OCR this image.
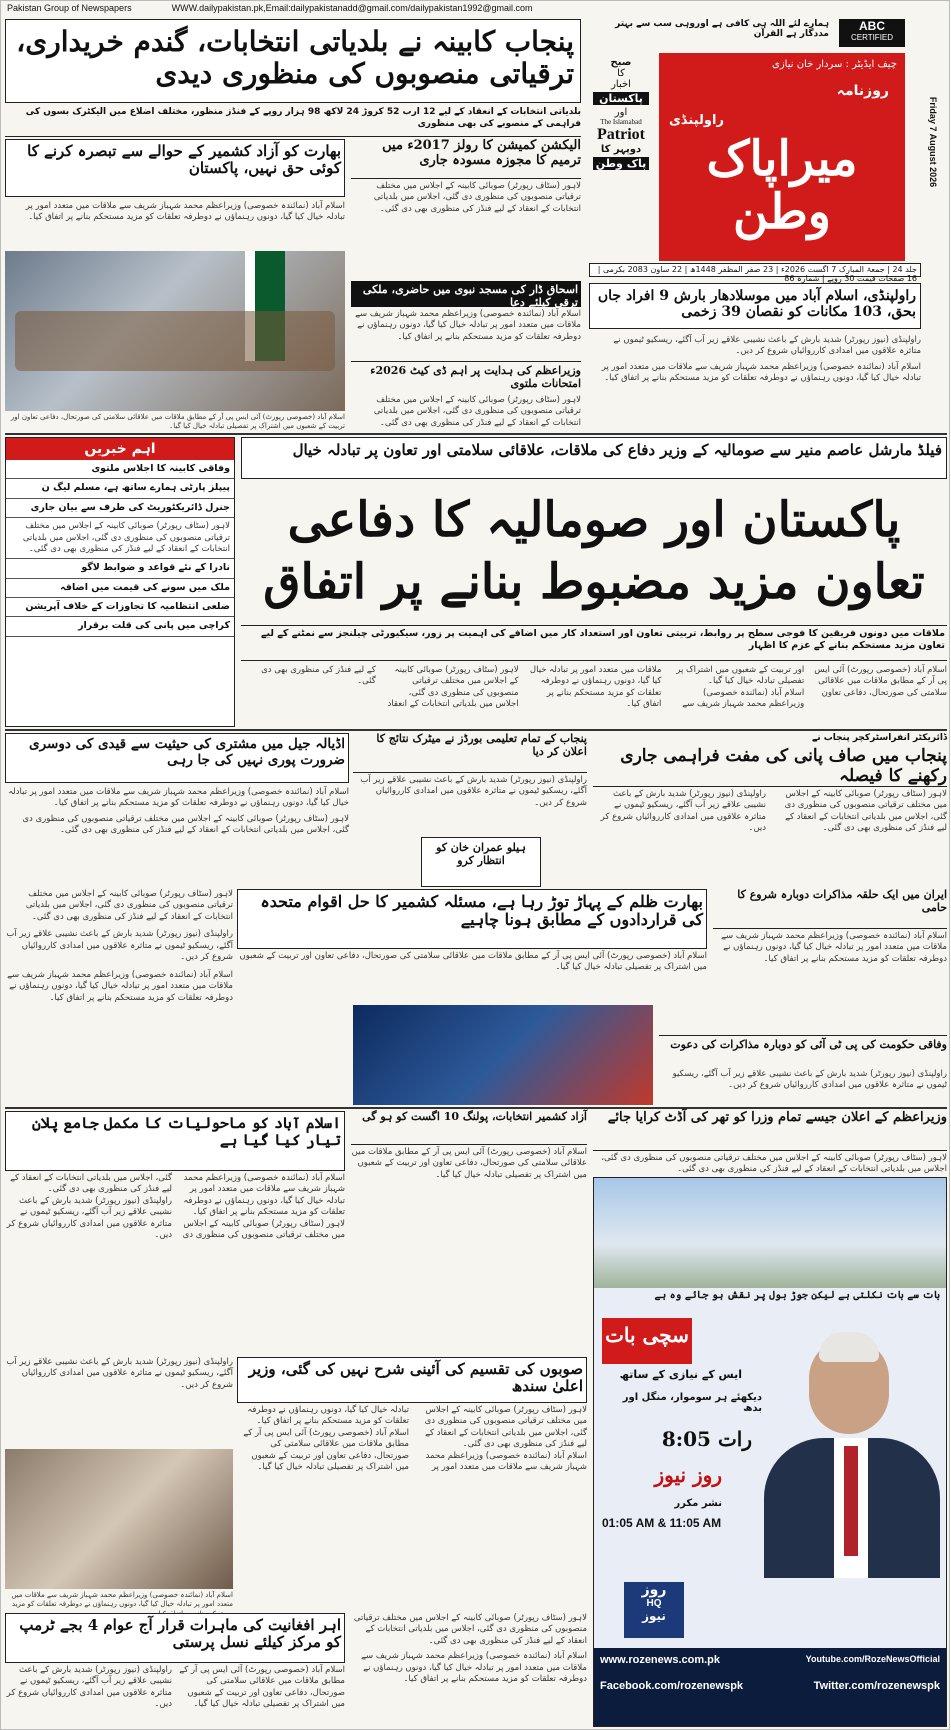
Pakistan Group of Newspapers	WWW.dailypakistan.pk,Email:dailypakistanadd@gmail.com/dailypakistan1992@gmail.com
ہمارے لئے اللہ ہی کافی ہے اوروہی سب سے بہتر مددگار ہے القرآن
ABC
CERTIFIED
چیف ایڈیٹر : سردار خان نیازی
راولپنڈی
روزنامہ
میراپاک وطن
صبح
کا
اخبار
پاکستان
اور
The Islamabad
Patriot
دوپہر کا
پاک وطن	Friday 7 August 2026
جلد 24 | جمعۃ المبارک 7 اگست 2026ء | 23 صفر المظفر 1448ھ | 22 ساون 2083 بکرمی | 16 صفحات قیمت 30 روپے | شمارہ 86
راولپنڈی، اسلام آباد میں موسلادھار بارش 9 افراد جاں بحق، 103 مکانات کو نقصان 39 زخمی
راولپنڈی (نیوز رپورٹر) شدید بارش کے باعث نشیبی علاقے زیر آب آگئے، ریسکیو ٹیموں نے متاثرہ علاقوں میں امدادی کارروائیاں شروع کر دیں۔
اسلام آباد (نمائندہ خصوصی) وزیراعظم محمد شہباز شریف سے ملاقات میں متعدد امور پر تبادلہ خیال کیا گیا، دونوں رہنماؤں نے دوطرفہ تعلقات کو مزید مستحکم بنانے پر اتفاق کیا۔
پنجاب کابینہ نے بلدیاتی انتخابات، گندم خریداری، ترقیاتی منصوبوں کی منظوری دیدی
بلدیاتی انتخابات کے انعقاد کے لیے 12 ارب 52 کروڑ 24 لاکھ 98 ہزار روپے کے فنڈز منظور، مختلف اضلاع میں الیکٹرک بسوں کی فراہمی کے منصوبے کی بھی منظوری
بھارت کو آزاد کشمیر کے حوالے سے تبصرہ کرنے کا کوئی حق نہیں، پاکستان
اسلام آباد (نمائندہ خصوصی) وزیراعظم محمد شہباز شریف سے ملاقات میں متعدد امور پر تبادلہ خیال کیا گیا، دونوں رہنماؤں نے دوطرفہ تعلقات کو مزید مستحکم بنانے پر اتفاق کیا۔
اسلام آباد (خصوصی رپورٹ) آئی ایس پی آر کے مطابق ملاقات میں علاقائی سلامتی کی صورتحال، دفاعی تعاون اور تربیت کے شعبوں میں اشتراک پر تفصیلی تبادلہ خیال کیا گیا۔
الیکشن کمیشن کا رولز 2017ء میں ترمیم کا مجوزہ مسودہ جاری
لاہور (سٹاف رپورٹر) صوبائی کابینہ کے اجلاس میں مختلف ترقیاتی منصوبوں کی منظوری دی گئی، اجلاس میں بلدیاتی انتخابات کے انعقاد کے لیے فنڈز کی منظوری بھی دی گئی۔
اسحاق ڈار کی مسجد نبوی میں حاضری، ملکی ترقی کیلئے دعا
اسلام آباد (نمائندہ خصوصی) وزیراعظم محمد شہباز شریف سے ملاقات میں متعدد امور پر تبادلہ خیال کیا گیا، دونوں رہنماؤں نے دوطرفہ تعلقات کو مزید مستحکم بنانے پر اتفاق کیا۔
وزیراعظم کی ہدایت پر اہم ڈی کیٹ 2026ء امتحانات ملتوی
لاہور (سٹاف رپورٹر) صوبائی کابینہ کے اجلاس میں مختلف ترقیاتی منصوبوں کی منظوری دی گئی، اجلاس میں بلدیاتی انتخابات کے انعقاد کے لیے فنڈز کی منظوری بھی دی گئی۔
اہم خبریں
وفاقی کابینہ کا اجلاس ملتوی
پیپلز پارٹی ہمارے ساتھ ہے، مسلم لیگ ن
جنرل ڈائریکٹوریٹ کی طرف سے بیان جاری
لاہور (سٹاف رپورٹر) صوبائی کابینہ کے اجلاس میں مختلف ترقیاتی منصوبوں کی منظوری دی گئی، اجلاس میں بلدیاتی انتخابات کے انعقاد کے لیے فنڈز کی منظوری بھی دی گئی۔
نادرا کے نئے قواعد و ضوابط لاگو
ملک میں سونے کی قیمت میں اضافہ
ضلعی انتظامیہ کا تجاوزات کے خلاف آپریشن
کراچی میں پانی کی قلت برقرار
فیلڈ مارشل عاصم منیر سے صومالیہ کے وزیر دفاع کی ملاقات، علاقائی سلامتی اور تعاون پر تبادلہ خیال
پاکستان اور صومالیہ کا دفاعی تعاون مزید مضبوط بنانے پر اتفاق
ملاقات میں دونوں فریقین کا فوجی سطح پر روابط، تربیتی تعاون اور استعداد کار میں اضافے کی اہمیت پر زور، سیکیورٹی چیلنجز سے نمٹنے کے لیے تعاون مزید مستحکم بنانے کے عزم کا اظہار
اسلام آباد (خصوصی رپورٹ) آئی ایس پی آر کے مطابق ملاقات میں علاقائی سلامتی کی صورتحال، دفاعی تعاون اور تربیت کے شعبوں میں اشتراک پر تفصیلی تبادلہ خیال کیا گیا۔
اسلام آباد (نمائندہ خصوصی) وزیراعظم محمد شہباز شریف سے ملاقات میں متعدد امور پر تبادلہ خیال کیا گیا، دونوں رہنماؤں نے دوطرفہ تعلقات کو مزید مستحکم بنانے پر اتفاق کیا۔
لاہور (سٹاف رپورٹر) صوبائی کابینہ کے اجلاس میں مختلف ترقیاتی منصوبوں کی منظوری دی گئی، اجلاس میں بلدیاتی انتخابات کے انعقاد کے لیے فنڈز کی منظوری بھی دی گئی۔
اڈیالہ جیل میں مشتری کی حیثیت سے قیدی کی دوسری ضرورت پوری نہیں کی جا رہی
اسلام آباد (نمائندہ خصوصی) وزیراعظم محمد شہباز شریف سے ملاقات میں متعدد امور پر تبادلہ خیال کیا گیا، دونوں رہنماؤں نے دوطرفہ تعلقات کو مزید مستحکم بنانے پر اتفاق کیا۔
لاہور (سٹاف رپورٹر) صوبائی کابینہ کے اجلاس میں مختلف ترقیاتی منصوبوں کی منظوری دی گئی، اجلاس میں بلدیاتی انتخابات کے انعقاد کے لیے فنڈز کی منظوری بھی دی گئی۔
پنجاب کے تمام تعلیمی بورڈز نے میٹرک نتائج کا اعلان کر دیا
راولپنڈی (نیوز رپورٹر) شدید بارش کے باعث نشیبی علاقے زیر آب آگئے، ریسکیو ٹیموں نے متاثرہ علاقوں میں امدادی کارروائیاں شروع کر دیں۔
ہیلو عمران خان کو انتظار کرو
ڈائریکٹر انفراسٹرکچر پنجاب نے
پنجاب میں صاف پانی کی مفت فراہمی جاری رکھنے کا فیصلہ
لاہور (سٹاف رپورٹر) صوبائی کابینہ کے اجلاس میں مختلف ترقیاتی منصوبوں کی منظوری دی گئی، اجلاس میں بلدیاتی انتخابات کے انعقاد کے لیے فنڈز کی منظوری بھی دی گئی۔
راولپنڈی (نیوز رپورٹر) شدید بارش کے باعث نشیبی علاقے زیر آب آگئے، ریسکیو ٹیموں نے متاثرہ علاقوں میں امدادی کارروائیاں شروع کر دیں۔
بھارت ظلم کے پہاڑ توڑ رہا ہے، مسئلہ کشمیر کا حل اقوام متحدہ کی قراردادوں کے مطابق ہونا چاہیے
اسلام آباد (خصوصی رپورٹ) آئی ایس پی آر کے مطابق ملاقات میں علاقائی سلامتی کی صورتحال، دفاعی تعاون اور تربیت کے شعبوں میں اشتراک پر تفصیلی تبادلہ خیال کیا گیا۔
ایران میں ایک حلقہ مذاکرات دوبارہ شروع کا حامی
اسلام آباد (نمائندہ خصوصی) وزیراعظم محمد شہباز شریف سے ملاقات میں متعدد امور پر تبادلہ خیال کیا گیا، دونوں رہنماؤں نے دوطرفہ تعلقات کو مزید مستحکم بنانے پر اتفاق کیا۔
وفاقی حکومت کی پی ٹی آئی کو دوبارہ مذاکرات کی دعوت
راولپنڈی (نیوز رپورٹر) شدید بارش کے باعث نشیبی علاقے زیر آب آگئے، ریسکیو ٹیموں نے متاثرہ علاقوں میں امدادی کارروائیاں شروع کر دیں۔
لاہور (سٹاف رپورٹر) صوبائی کابینہ کے اجلاس میں مختلف ترقیاتی منصوبوں کی منظوری دی گئی، اجلاس میں بلدیاتی انتخابات کے انعقاد کے لیے فنڈز کی منظوری بھی دی گئی۔
راولپنڈی (نیوز رپورٹر) شدید بارش کے باعث نشیبی علاقے زیر آب آگئے، ریسکیو ٹیموں نے متاثرہ علاقوں میں امدادی کارروائیاں شروع کر دیں۔
اسلام آباد (نمائندہ خصوصی) وزیراعظم محمد شہباز شریف سے ملاقات میں متعدد امور پر تبادلہ خیال کیا گیا، دونوں رہنماؤں نے دوطرفہ تعلقات کو مزید مستحکم بنانے پر اتفاق کیا۔
اسلام آباد کو ماحولیات کا مکمل جامع پلان تیار کیا گیا ہے
اسلام آباد (نمائندہ خصوصی) وزیراعظم محمد شہباز شریف سے ملاقات میں متعدد امور پر تبادلہ خیال کیا گیا، دونوں رہنماؤں نے دوطرفہ تعلقات کو مزید مستحکم بنانے پر اتفاق کیا۔
لاہور (سٹاف رپورٹر) صوبائی کابینہ کے اجلاس میں مختلف ترقیاتی منصوبوں کی منظوری دی گئی، اجلاس میں بلدیاتی انتخابات کے انعقاد کے لیے فنڈز کی منظوری بھی دی گئی۔
راولپنڈی (نیوز رپورٹر) شدید بارش کے باعث نشیبی علاقے زیر آب آگئے، ریسکیو ٹیموں نے متاثرہ علاقوں میں امدادی کارروائیاں شروع کر دیں۔
آزاد کشمیر انتخابات، پولنگ 10 اگست کو ہو گی
اسلام آباد (خصوصی رپورٹ) آئی ایس پی آر کے مطابق ملاقات میں علاقائی سلامتی کی صورتحال، دفاعی تعاون اور تربیت کے شعبوں میں اشتراک پر تفصیلی تبادلہ خیال کیا گیا۔
وزیراعظم کے اعلان جیسے تمام وزرا کو تھر کی آڈٹ کرایا جائے
لاہور (سٹاف رپورٹر) صوبائی کابینہ کے اجلاس میں مختلف ترقیاتی منصوبوں کی منظوری دی گئی، اجلاس میں بلدیاتی انتخابات کے انعقاد کے لیے فنڈز کی منظوری بھی دی گئی۔
بات سے بات نکلتی ہے لیکن جوڑ بول پر نقش ہو جائے وہ ہے
سچی بات
ایس کے نیازی کے ساتھ
دیکھئے ہر سوموار، منگل اور بدھ
رات 8:05
روز نیوز
نشر مکرر
01:05 AM & 11:05 AM
روز
HQ
نیوز
www.rozenews.com.pk	Youtube.com/RozeNewsOfficial
Facebook.com/rozenewspk	Twitter.com/rozenewspk
صوبوں کی تقسیم کی آئینی شرح نہیں کی گئی، وزیر اعلیٰ سندھ
لاہور (سٹاف رپورٹر) صوبائی کابینہ کے اجلاس میں مختلف ترقیاتی منصوبوں کی منظوری دی گئی، اجلاس میں بلدیاتی انتخابات کے انعقاد کے لیے فنڈز کی منظوری بھی دی گئی۔
اسلام آباد (نمائندہ خصوصی) وزیراعظم محمد شہباز شریف سے ملاقات میں متعدد امور پر تبادلہ خیال کیا گیا، دونوں رہنماؤں نے دوطرفہ تعلقات کو مزید مستحکم بنانے پر اتفاق کیا۔
اسلام آباد (خصوصی رپورٹ) آئی ایس پی آر کے مطابق ملاقات میں علاقائی سلامتی کی صورتحال، دفاعی تعاون اور تربیت کے شعبوں میں اشتراک پر تفصیلی تبادلہ خیال کیا گیا۔
راولپنڈی (نیوز رپورٹر) شدید بارش کے باعث نشیبی علاقے زیر آب آگئے، ریسکیو ٹیموں نے متاثرہ علاقوں میں امدادی کارروائیاں شروع کر دیں۔
اسلام آباد (نمائندہ خصوصی) وزیراعظم محمد شہباز شریف سے ملاقات میں متعدد امور پر تبادلہ خیال کیا گیا، دونوں رہنماؤں نے دوطرفہ تعلقات کو مزید
اہر افغانیت کی ماہرات قرار آج عوام 4 بجے ٹرمپ کو مرکز کیلئے نسل پرستی
اسلام آباد (خصوصی رپورٹ) آئی ایس پی آر کے مطابق ملاقات میں علاقائی سلامتی کی صورتحال، دفاعی تعاون اور تربیت کے شعبوں میں اشتراک پر تفصیلی تبادلہ خیال کیا گیا۔
راولپنڈی (نیوز رپورٹر) شدید بارش کے باعث نشیبی علاقے زیر آب آگئے، ریسکیو ٹیموں نے متاثرہ علاقوں میں امدادی کارروائیاں شروع کر دیں۔
لاہور (سٹاف رپورٹر) صوبائی کابینہ کے اجلاس میں مختلف ترقیاتی منصوبوں کی منظوری دی گئی، اجلاس میں بلدیاتی انتخابات کے انعقاد کے لیے فنڈز کی منظوری بھی دی گئی۔
اسلام آباد (نمائندہ خصوصی) وزیراعظم محمد شہباز شریف سے ملاقات میں متعدد امور پر تبادلہ خیال کیا گیا، دونوں رہنماؤں نے دوطرفہ تعلقات کو مزید مستحکم بنانے پر اتفاق کیا۔
